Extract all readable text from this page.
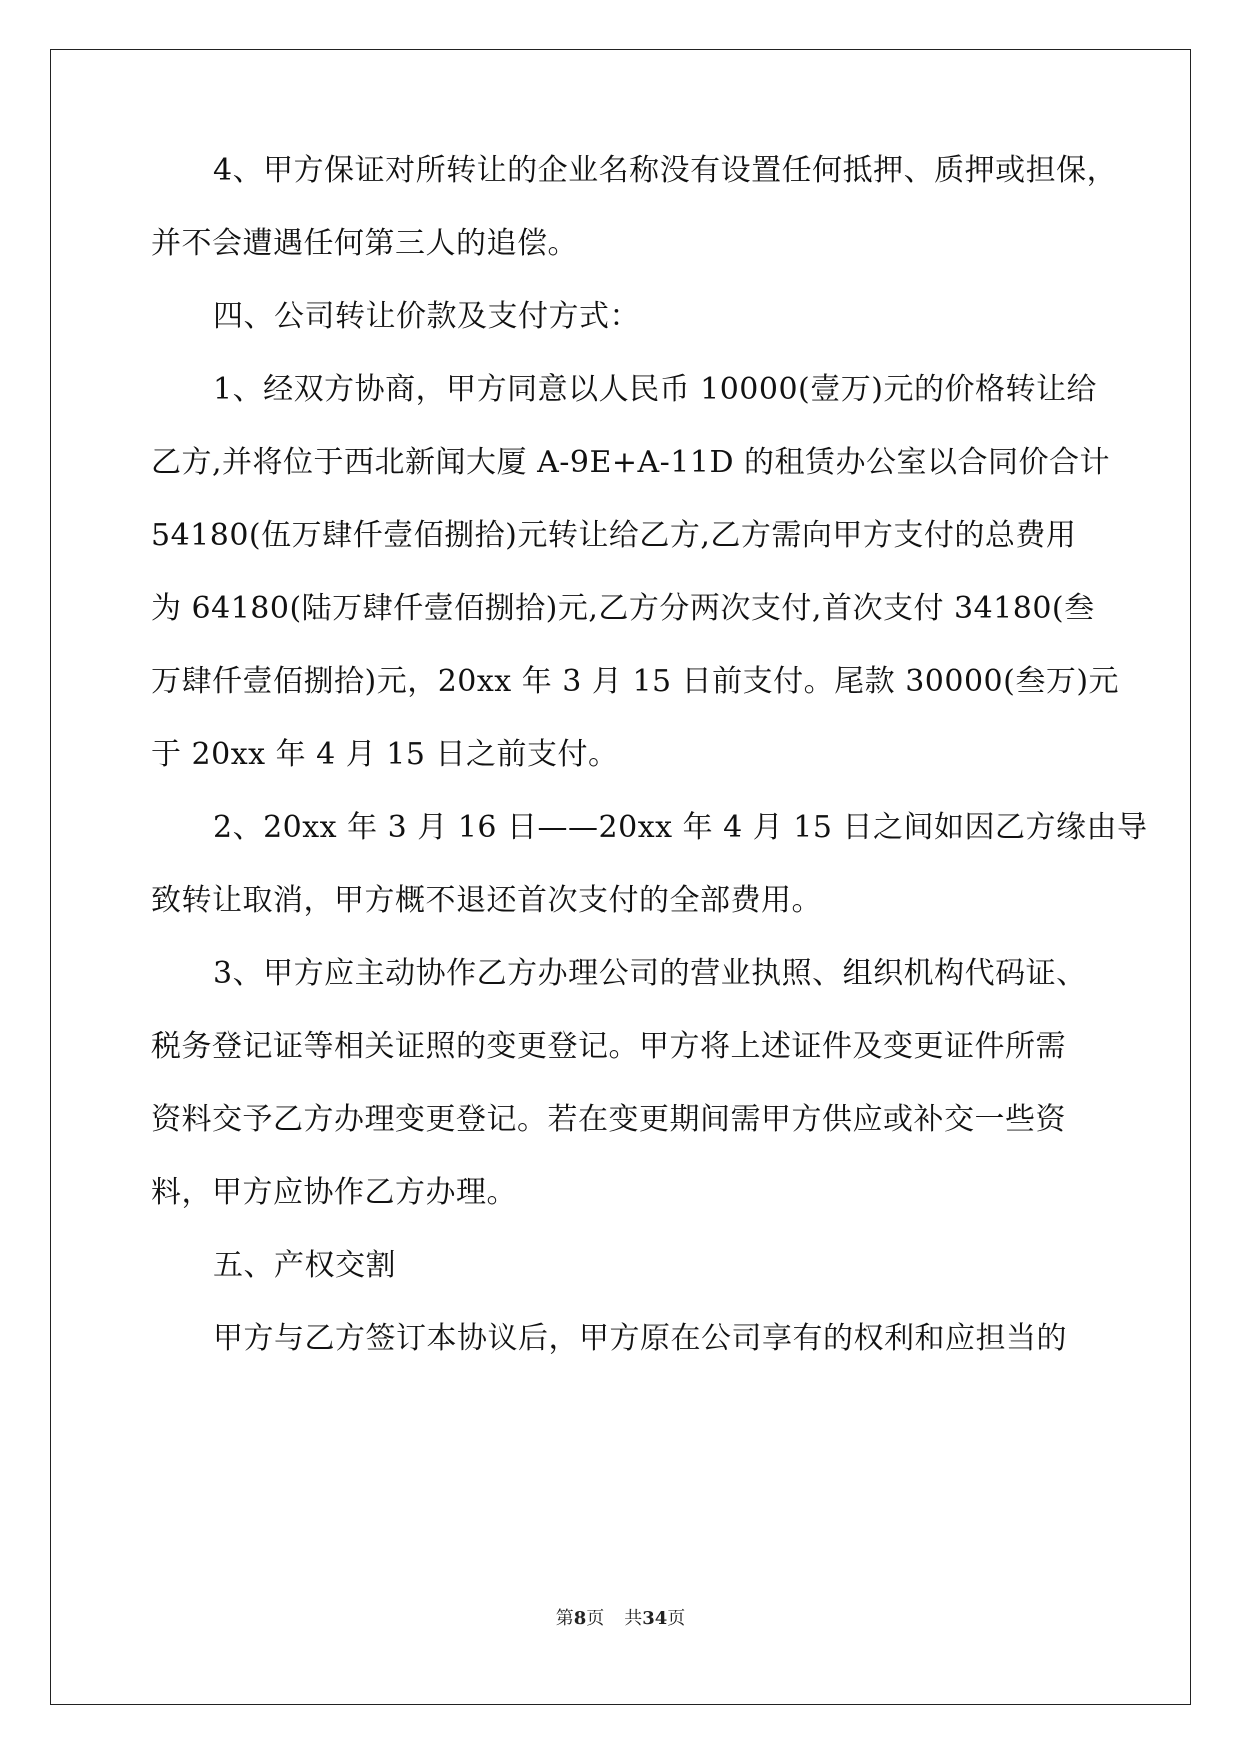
4、甲方保证对所转让的企业名称没有设置任何抵押、质押或担保，
并不会遭遇任何第三人的追偿。
四、公司转让价款及支付方式：
1、经双方协商，甲方同意以人民币 10000(壹万)元的价格转让给
乙方,并将位于西北新闻大厦 A-9E+A-11D 的租赁办公室以合同价合计
54180(伍万肆仟壹佰捌拾)元转让给乙方,乙方需向甲方支付的总费用
为 64180(陆万肆仟壹佰捌拾)元,乙方分两次支付,首次支付 34180(叁
万肆仟壹佰捌拾)元，20xx 年 3 月 15 日前支付。尾款 30000(叁万)元
于 20xx 年 4 月 15 日之前支付。
2、20xx 年 3 月 16 日——20xx 年 4 月 15 日之间如因乙方缘由导
致转让取消，甲方概不退还首次支付的全部费用。
3、甲方应主动协作乙方办理公司的营业执照、组织机构代码证、
税务登记证等相关证照的变更登记。甲方将上述证件及变更证件所需
资料交予乙方办理变更登记。若在变更期间需甲方供应或补交一些资
料，甲方应协作乙方办理。
五、产权交割
甲方与乙方签订本协议后，甲方原在公司享有的权利和应担当的
第8页 共34页
